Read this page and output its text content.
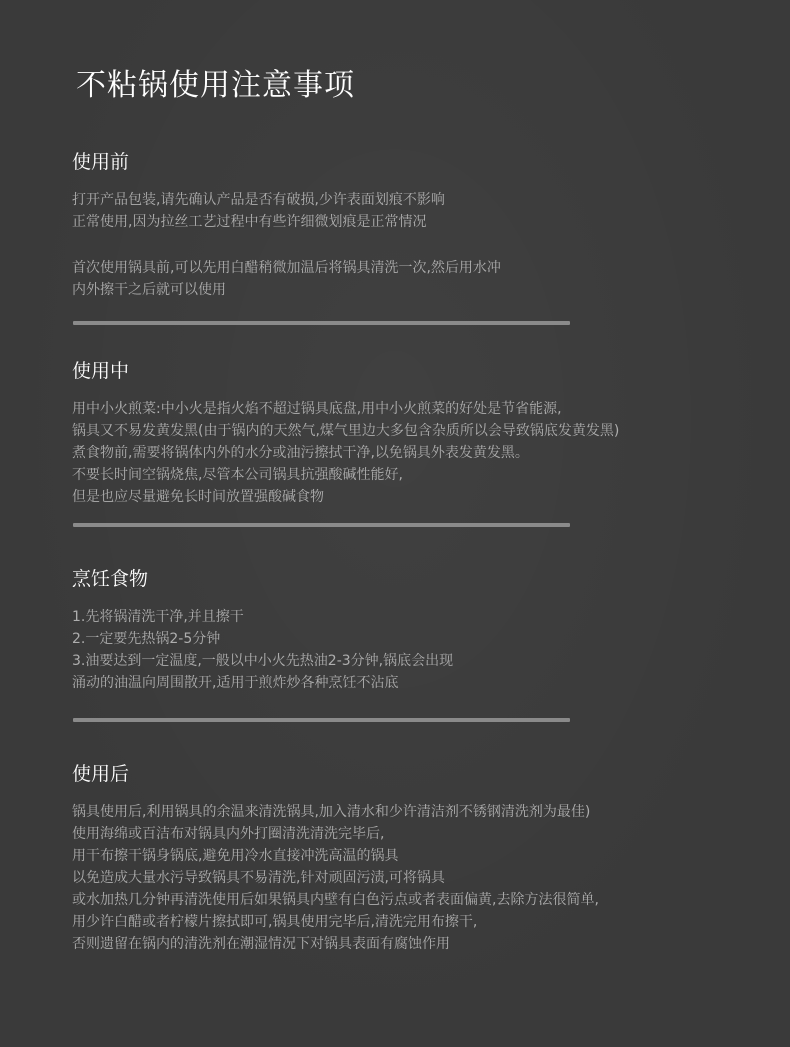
不粘锅使用注意事项
使用前

打开产品包装,请先确认产品是否有破损,少许表面划痕不影响
正常使用,因为拉丝工艺过程中有些许细微划痕是正常情况

首次使用锅具前,可以先用白醋稍微加温后将锅具清洗一次,然后用水冲
内外擦干之后就可以使用

使用中

用中小火煎菜:中小火是指火焰不超过锅具底盘,用中小火煎菜的好处是节省能源,
锅具又不易发黄发黑(由于锅内的天然气,煤气里边大多包含杂质所以会导致锅底发黄发黑)
煮食物前,需要将锅体内外的水分或油污擦拭干净,以免锅具外表发黄发黑。
不要长时间空锅烧焦,尽管本公司锅具抗强酸碱性能好,
但是也应尽量避免长时间放置强酸碱食物

烹饪食物

1.先将锅清洗干净,并且擦干
2.一定要先热锅2-5分钟
3.油要达到一定温度,一般以中小火先热油2-3分钟,锅底会出现
涌动的油温向周围散开,适用于煎炸炒各种烹饪不沾底

使用后

锅具使用后,利用锅具的余温来清洗锅具,加入清水和少许清洁剂不锈钢清洗剂为最佳)
使用海绵或百洁布对锅具内外打圈清洗清洗完毕后,
用干布擦干锅身锅底,避免用冷水直接冲洗高温的锅具
以免造成大量水污导致锅具不易清洗,针对顽固污渍,可将锅具
或水加热几分钟再清洗使用后如果锅具内壁有白色污点或者表面偏黄,去除方法很简单,
用少许白醋或者柠檬片擦拭即可,锅具使用完毕后,清洗完用布擦干,
否则遗留在锅内的清洗剂在潮湿情况下对锅具表面有腐蚀作用
